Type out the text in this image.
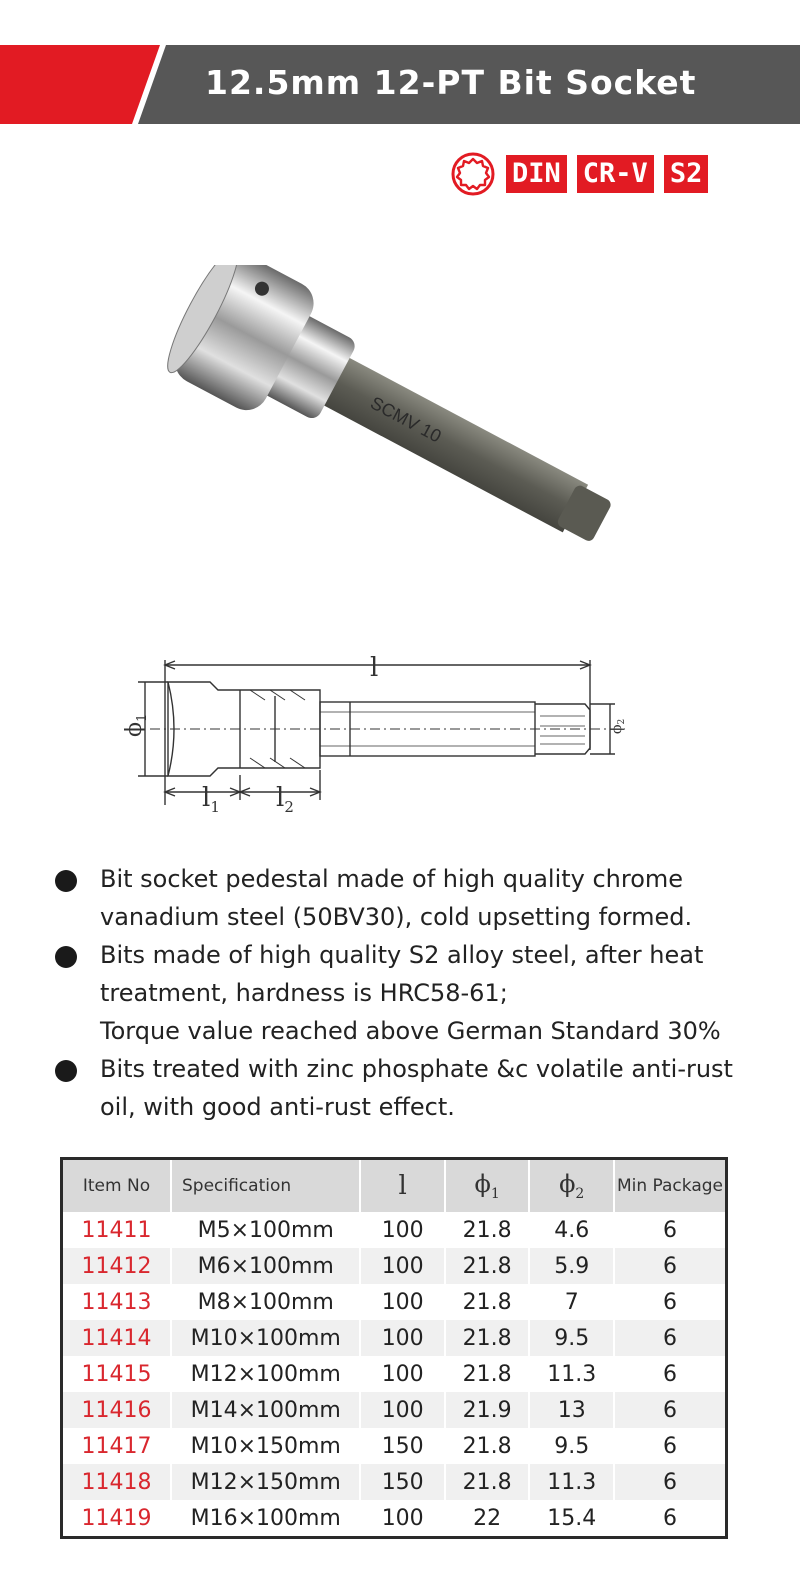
12.5mm 12-PT Bit Socket
DIN CR-V S2
SCMV 10
l
$\phi_1$
$\phi_2$
$l_1$ $l_2$
Bit socket pedestal made of high quality chrome vanadium steel (50BV30), cold upsetting formed.
Bits made of high quality S2 alloy steel, after heat treatment, hardness is HRC58-61;
Torque value reached above German Standard 30%
Bits treated with zinc phosphate &c volatile anti-rust oil, with good anti-rust effect.
Item No	Specification	l	$\phi_1$	$\phi_2$	Min Package
11411	M5×100mm	100	21.8	4.6	6
11412	M6×100mm	100	21.8	5.9	6
11413	M8×100mm	100	21.8	7	6
11414	M10×100mm	100	21.8	9.5	6
11415	M12×100mm	100	21.8	11.3	6
11416	M14×100mm	100	21.9	13	6
11417	M10×150mm	150	21.8	9.5	6
11418	M12×150mm	150	21.8	11.3	6
11419	M16×100mm	100	22	15.4	6
